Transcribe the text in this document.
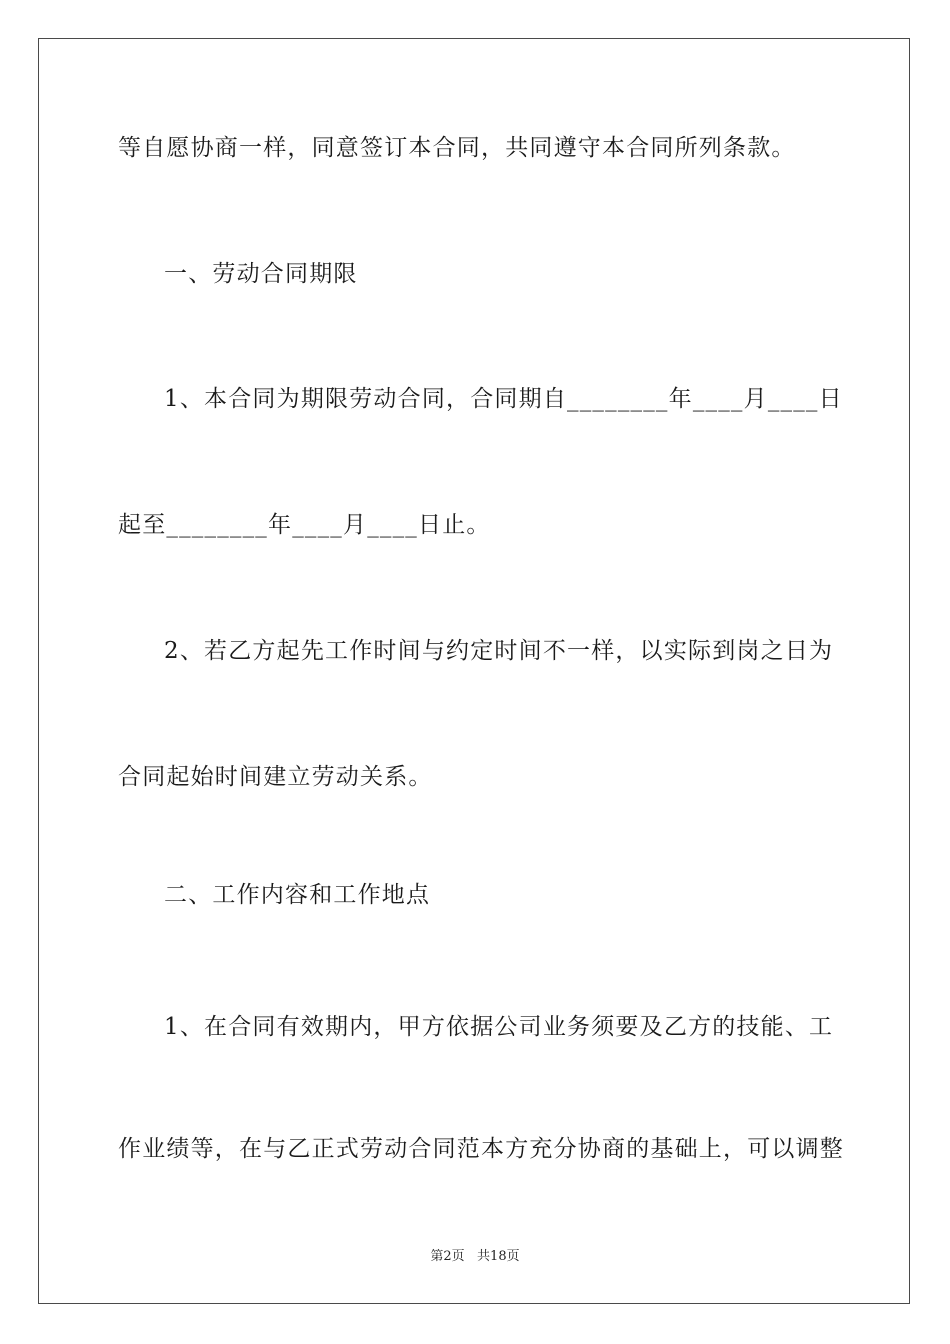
等自愿协商一样，同意签订本合同，共同遵守本合同所列条款。
一、劳动合同期限
1、本合同为期限劳动合同，合同期自________年____月____日
起至________年____月____日止。
2、若乙方起先工作时间与约定时间不一样，以实际到岗之日为
合同起始时间建立劳动关系。
二、工作内容和工作地点
1、在合同有效期内，甲方依据公司业务须要及乙方的技能、工
作业绩等，在与乙正式劳动合同范本方充分协商的基础上，可以调整
第2页   共18页
